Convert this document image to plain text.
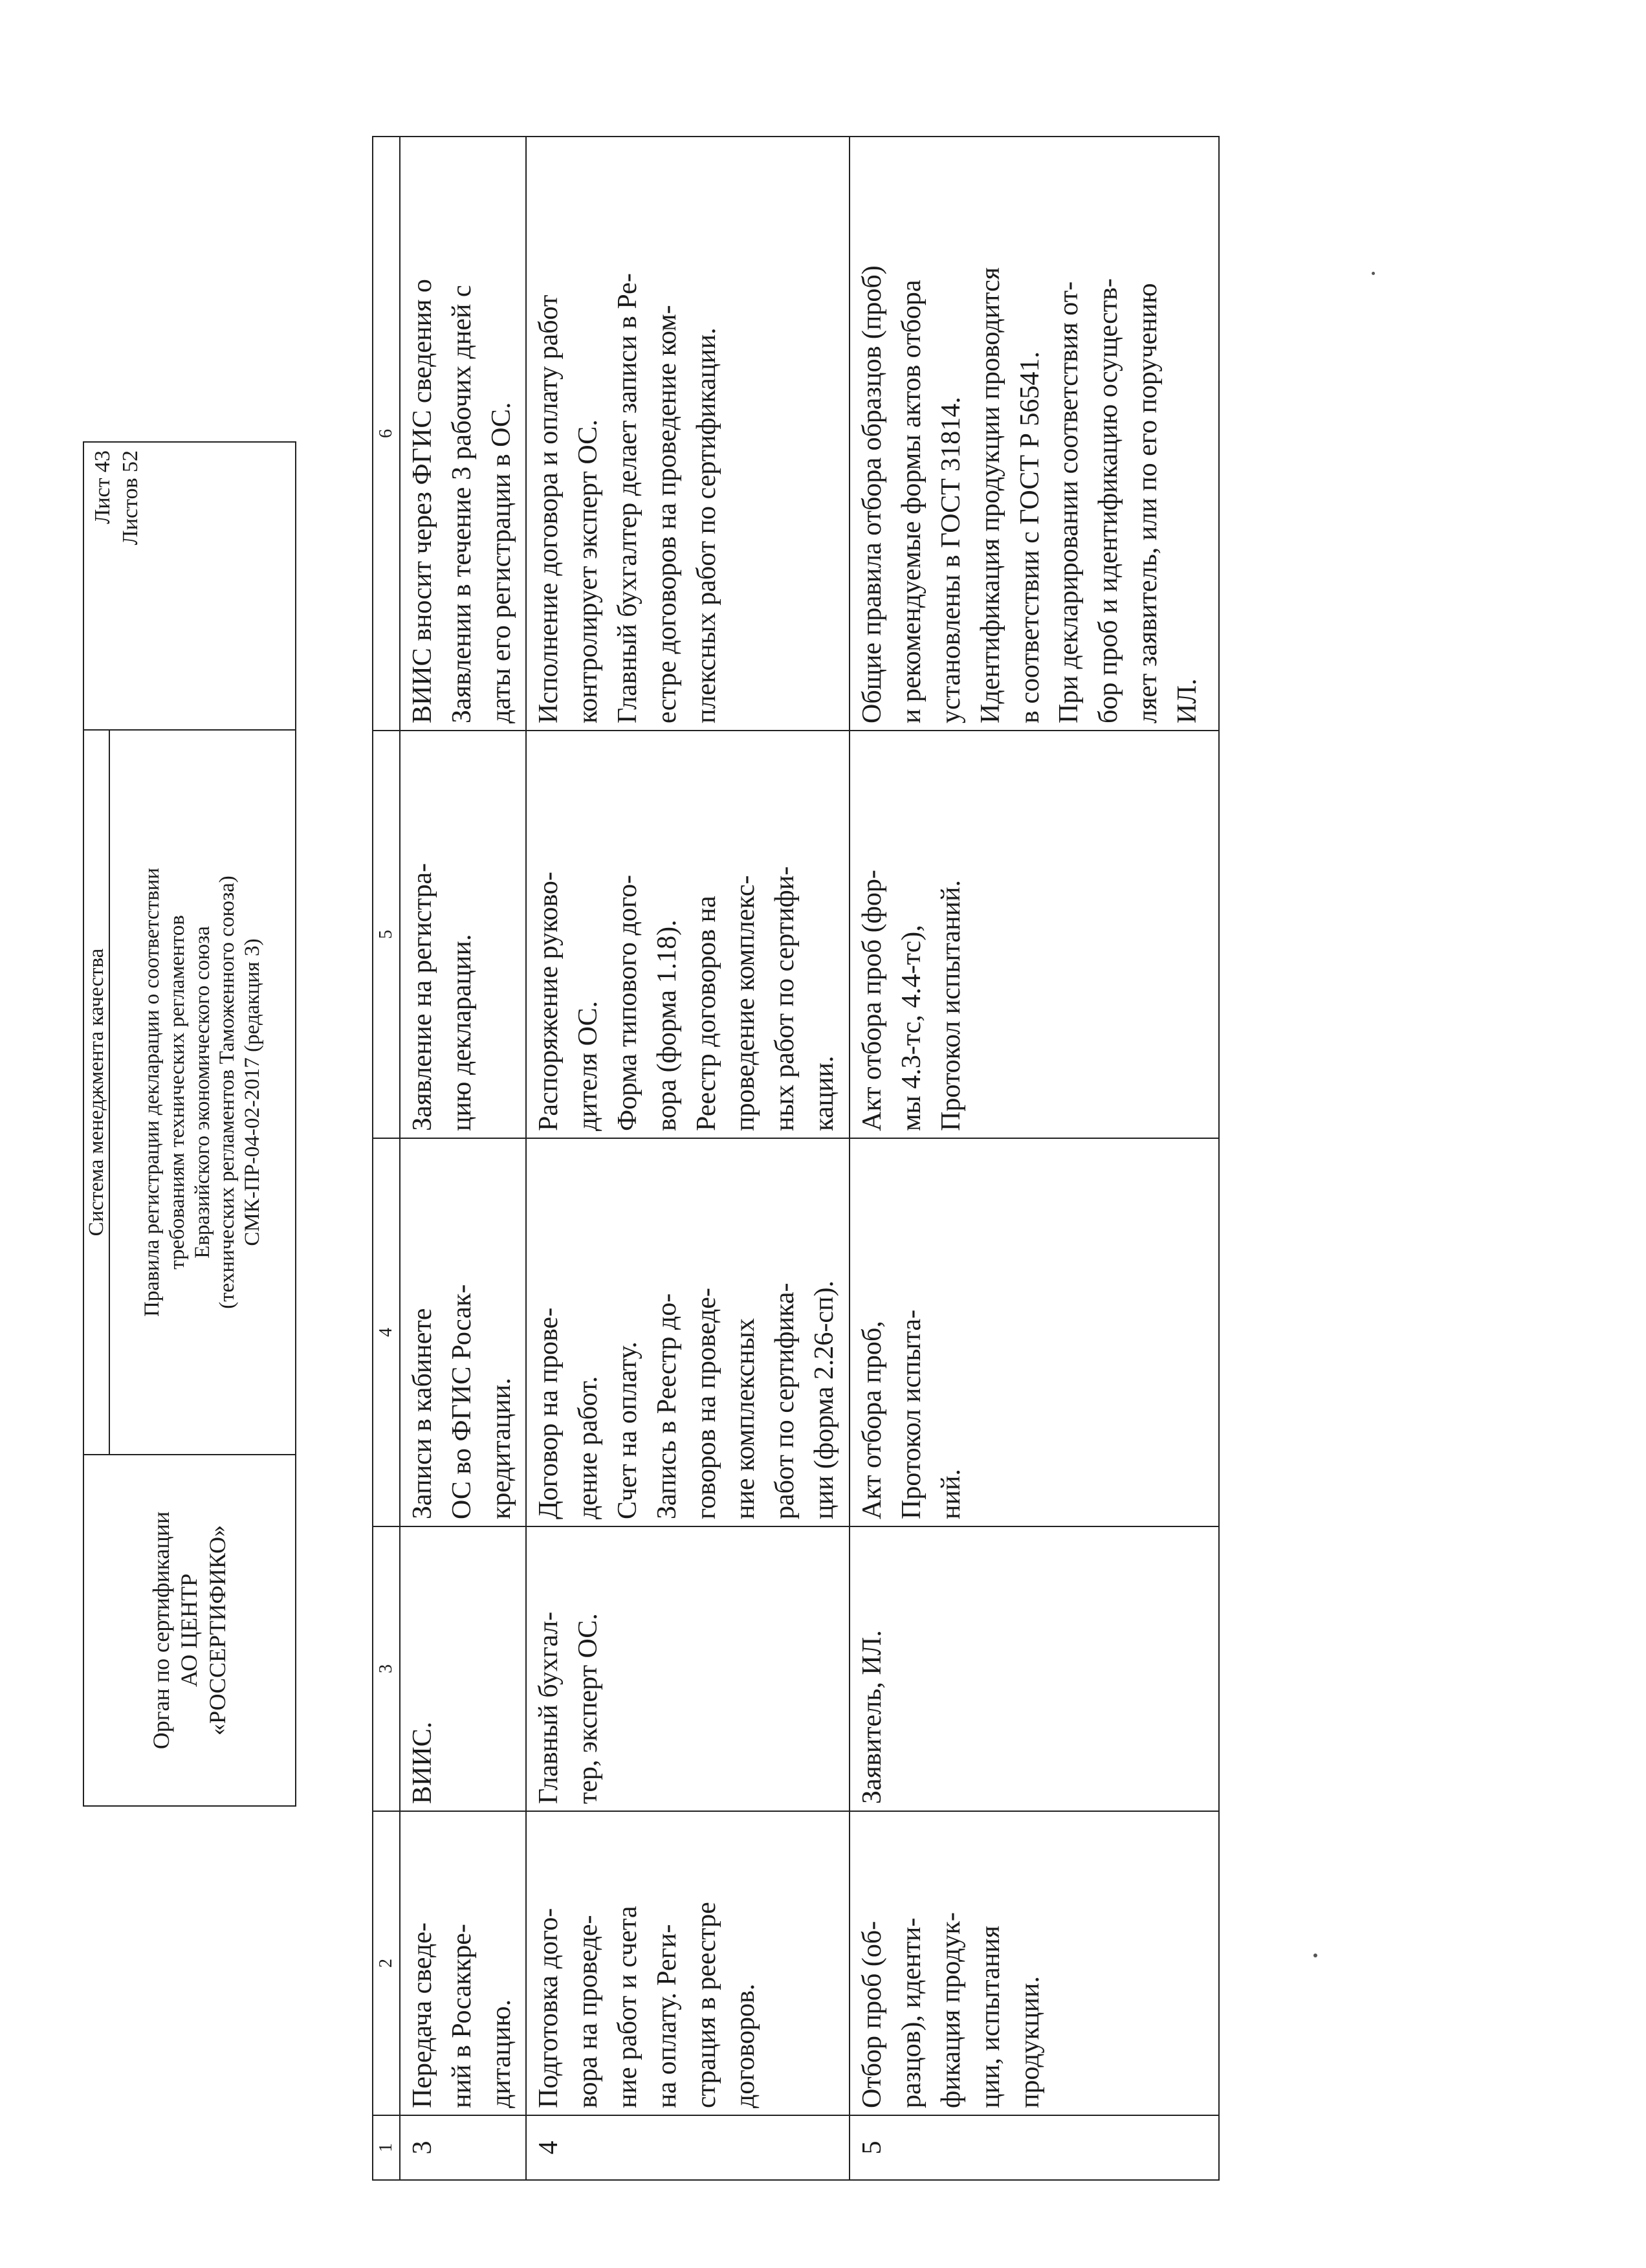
Орган по сертификации АО ЦЕНТР «РОССЕРТИФИКО»
Система менеджмента качества Правила регистрации декларации о соответствии требованиям технических регламентов Евразийского экономического союза (технических регламентов Таможенного союза) СМК-ПР-04-02-2017 (редакция 3)
Лист 43 Листов 52
1
2
3
4
5
6
3
Передача сведе- ний в Росаккре- дитацию.
ВИИС.
Записи в кабинете ОС во ФГИС Росак- кредитации.
Заявление на регистра- цию декларации.
ВИИС вносит через ФГИС сведения о Заявлении в течение 3 рабочих дней с даты его регистрации в ОС.
4
Подготовка дого- вора на проведе- ние работ и счета на оплату. Реги- страция в реестре договоров.
Главный бухгал- тер, эксперт ОС.
Договор на прове- дение работ. Счет на оплату. Запись в Реестр до- говоров на проведе- ние комплексных работ по сертифика- ции (форма 2.26-сп).
Распоряжение руково- дителя ОС. Форма типового дого- вора (форма 1.18). Реестр договоров на проведение комплекс- ных работ по сертифи- кации.
Исполнение договора и оплату работ контролирует эксперт ОС. Главный бухгалтер делает записи в Ре- естре договоров на проведение ком- плексных работ по сертификации.
5
Отбор проб (об- разцов), иденти- фикация продук- ции, испытания продукции.
Заявитель, ИЛ.
Акт отбора проб, Протокол испыта- ний.
Акт отбора проб (фор- мы 4.3-тс, 4.4-тс), Протокол испытаний.
Общие правила отбора образцов (проб) и рекомендуемые формы актов отбора установлены в ГОСТ 31814. Идентификация продукции проводится в соответствии с ГОСТ Р 56541. При декларировании соответствия от- бор проб и идентификацию осуществ- ляет заявитель, или по его поручению ИЛ.
